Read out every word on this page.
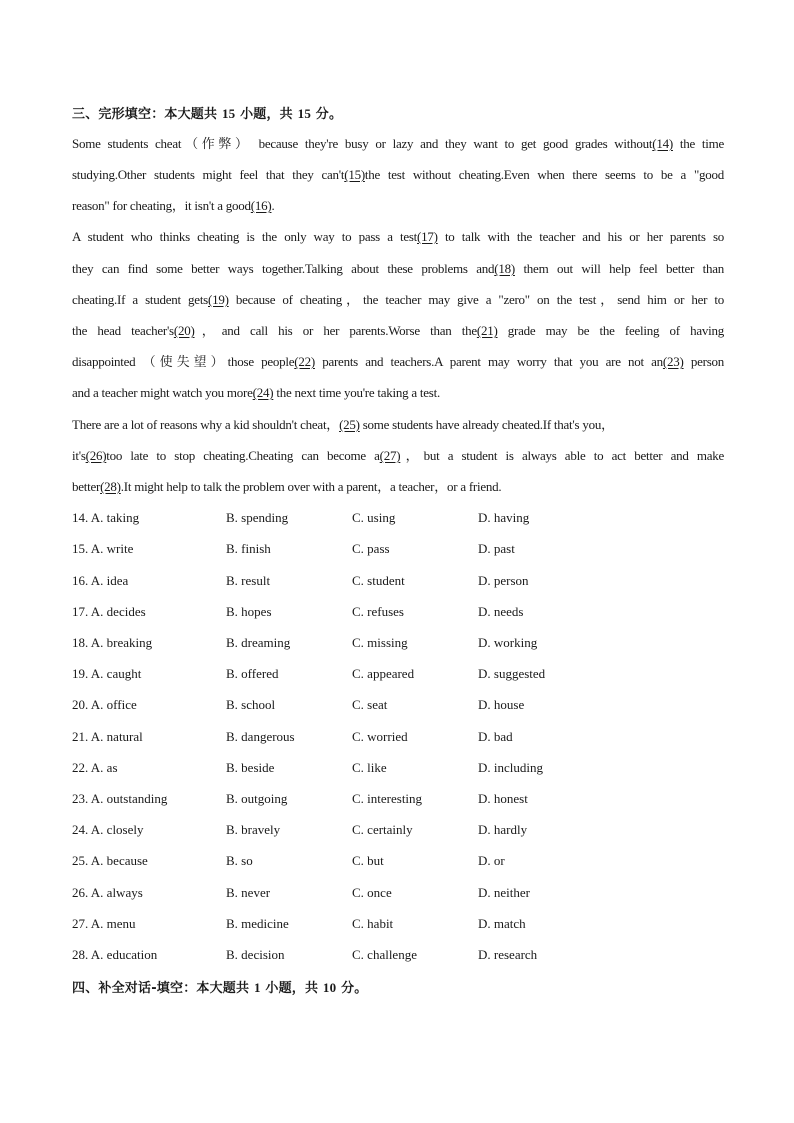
三、完形填空：本大题共 15 小题，共 15 分。
Some students cheat（作弊） because they're busy or lazy and they want to get good grades without(14) the time
studying.Other students might feel that they can't(15)the test without cheating.Even when there seems to be a "good
reason" for cheating，it isn't a good(16).
A student who thinks cheating is the only way to pass a test(17) to talk with the teacher and his or her parents so
they can find some better ways together.Talking about these problems and(18) them out will help feel better than
cheating.If a student gets(19) because of cheating，the teacher may give a "zero" on the test，send him or her to
the head teacher's(20)，and call his or her parents.Worse than the(21) grade may be the feeling of having
disappointed （使失望）those people(22) parents and teachers.A parent may worry that you are not an(23) person
and a teacher might watch you more(24) the next time you're taking a test.
There are a lot of reasons why a kid shouldn't cheat，(25) some students have already cheated.If that's you，
it's(26)too late to stop cheating.Cheating can become a(27)，but a student is always able to act better and make
better(28).It might help to talk the problem over with a parent，a teacher，or a friend.
14. A. taking	B. spending	C. using	D. having
15. A. write	B. finish	C. pass	D. past
16. A. idea	B. result	C. student	D. person
17. A. decides	B. hopes	C. refuses	D. needs
18. A. breaking	B. dreaming	C. missing	D. working
19. A. caught	B. offered	C. appeared	D. suggested
20. A. office	B. school	C. seat	D. house
21. A. natural	B. dangerous	C. worried	D. bad
22. A. as	B. beside	C. like	D. including
23. A. outstanding	B. outgoing	C. interesting	D. honest
24. A. closely	B. bravely	C. certainly	D. hardly
25. A. because	B. so	C. but	D. or
26. A. always	B. never	C. once	D. neither
27. A. menu	B. medicine	C. habit	D. match
28. A. education	B. decision	C. challenge	D. research
四、补全对话-填空：本大题共 1 小题，共 10 分。
